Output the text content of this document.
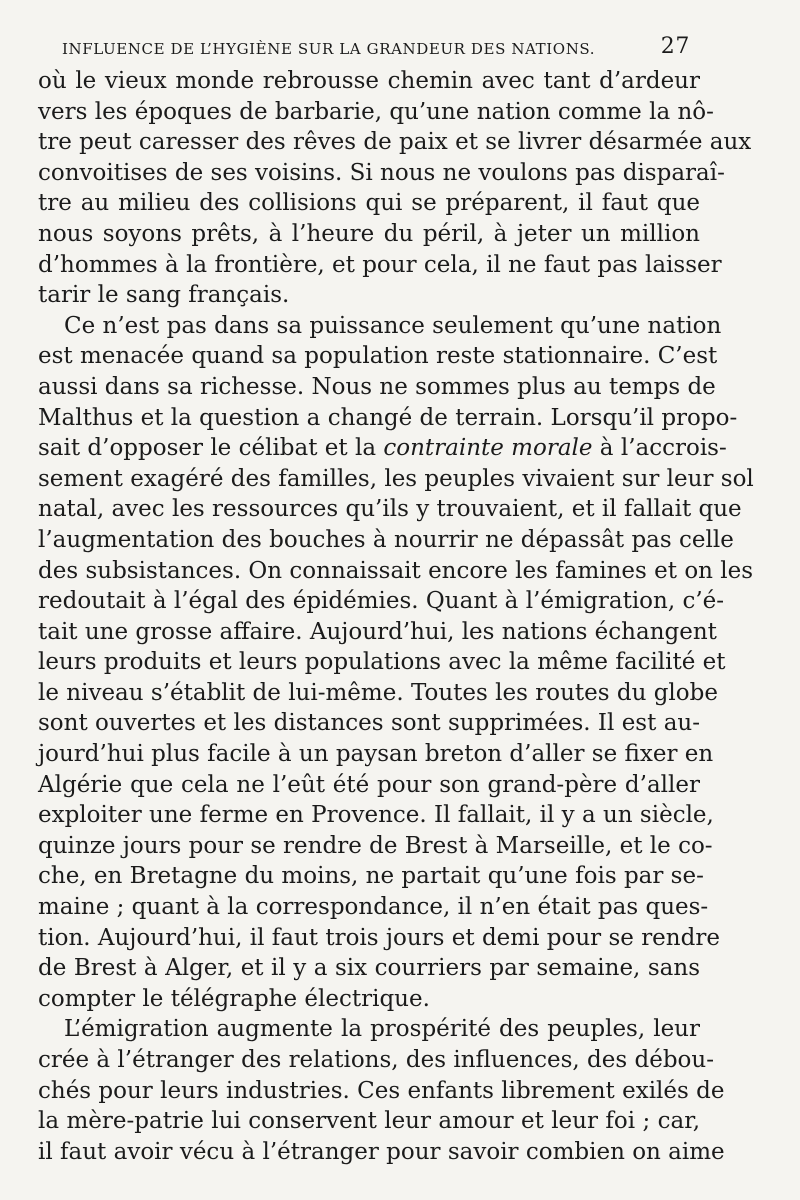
INFLUENCE DE L’HYGIÈNE SUR LA GRANDEUR DES NATIONS.	27
où le vieux monde rebrousse chemin avec tant d’ardeur
vers les époques de barbarie, qu’une nation comme la nô-
tre peut caresser des rêves de paix et se livrer désarmée aux
convoitises de ses voisins. Si nous ne voulons pas disparaî-
tre au milieu des collisions qui se préparent, il faut que
nous soyons prêts, à l’heure du péril, à jeter un million
d’hommes à la frontière, et pour cela, il ne faut pas laisser
tarir le sang français.
Ce n’est pas dans sa puissance seulement qu’une nation
est menacée quand sa population reste stationnaire. C’est
aussi dans sa richesse. Nous ne sommes plus au temps de
Malthus et la question a changé de terrain. Lorsqu’il propo-
sait d’opposer le célibat et la contrainte morale à l’accrois-
sement exagéré des familles, les peuples vivaient sur leur sol
natal, avec les ressources qu’ils y trouvaient, et il fallait que
l’augmentation des bouches à nourrir ne dépassât pas celle
des subsistances. On connaissait encore les famines et on les
redoutait à l’égal des épidémies. Quant à l’émigration, c’é-
tait une grosse affaire. Aujourd’hui, les nations échangent
leurs produits et leurs populations avec la même facilité et
le niveau s’établit de lui-même. Toutes les routes du globe
sont ouvertes et les distances sont supprimées. Il est au-
jourd’hui plus facile à un paysan breton d’aller se fixer en
Algérie que cela ne l’eût été pour son grand-père d’aller
exploiter une ferme en Provence. Il fallait, il y a un siècle,
quinze jours pour se rendre de Brest à Marseille, et le co-
che, en Bretagne du moins, ne partait qu’une fois par se-
maine ; quant à la correspondance, il n’en était pas ques-
tion. Aujourd’hui, il faut trois jours et demi pour se rendre
de Brest à Alger, et il y a six courriers par semaine, sans
compter le télégraphe électrique.
L’émigration augmente la prospérité des peuples, leur
crée à l’étranger des relations, des influences, des débou-
chés pour leurs industries. Ces enfants librement exilés de
la mère-patrie lui conservent leur amour et leur foi ; car,
il faut avoir vécu à l’étranger pour savoir combien on aime
